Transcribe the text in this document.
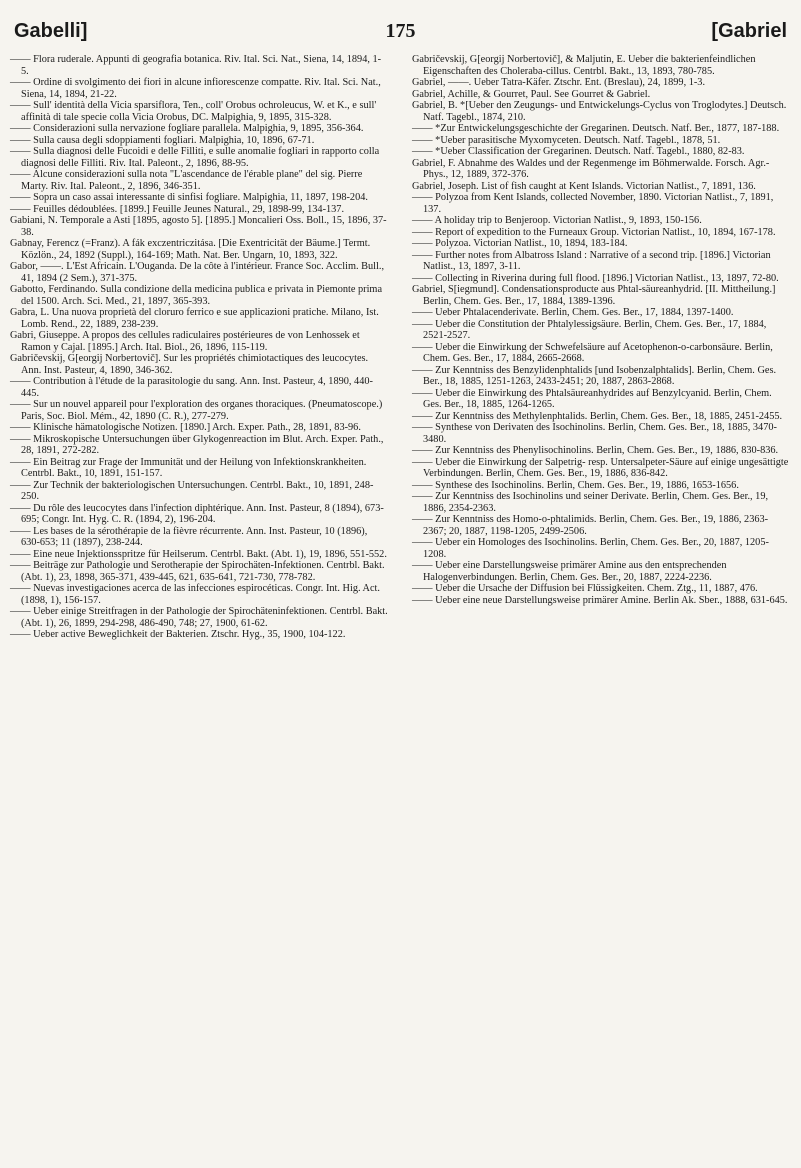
Gabelli]	175	[Gabriel

—— Flora ruderale. Appunti di geografia botanica. Riv. Ital. Sci. Nat., Siena, 14, 1894, 1-5.

—— Ordine di svolgimento dei fiori in alcune infiorescenze compatte. Riv. Ital. Sci. Nat., Siena, 14, 1894, 21-22.

—— Sull' identità della Vicia sparsiflora, Ten., coll' Orobus ochroleucus, W. et K., e sull' affinità di tale specie colla Vicia Orobus, DC. Malpighia, 9, 1895, 315-328.

—— Considerazioni sulla nervazione fogliare parallela. Malpighia, 9, 1895, 356-364.

—— Sulla causa degli sdoppiamenti fogliari. Malpighia, 10, 1896, 67-71.

—— Sulla diagnosi delle Fucoidi e delle Filliti, e sulle anomalie fogliari in rapporto colla diagnosi delle Filliti. Riv. Ital. Paleont., 2, 1896, 88-95.

—— Alcune considerazioni sulla nota "L'ascendance de l'érable plane" del sig. Pierre Marty. Riv. Ital. Paleont., 2, 1896, 346-351.

—— Sopra un caso assai interessante di sinfisi fogliare. Malpighia, 11, 1897, 198-204.

—— Feuilles dédoublées. [1899.] Feuille Jeunes Natural., 29, 1898-99, 134-137.

Gabiani, N. Temporale a Asti [1895, agosto 5]. [1895.] Moncalieri Oss. Boll., 15, 1896, 37-38.

Gabnay, Ferencz (=Franz). A fák exczentriczitása. [Die Exentricität der Bäume.] Termt. Közlön., 24, 1892 (Suppl.), 164-169; Math. Nat. Ber. Ungarn, 10, 1893, 322.

Gabor, ——. L'Est Africain. L'Ouganda. De la côte à l'intérieur. France Soc. Acclim. Bull., 41, 1894 (2 Sem.), 371-375.

Gabotto, Ferdinando. Sulla condizione della medicina publica e privata in Piemonte prima del 1500. Arch. Sci. Med., 21, 1897, 365-393.

Gabra, L. Una nuova proprietà del cloruro ferrico e sue applicazioni pratiche. Milano, Ist. Lomb. Rend., 22, 1889, 238-239.

Gabri, Giuseppe. A propos des cellules radiculaires postérieures de von Lenhossek et Ramon y Cajal. [1895.] Arch. Ital. Biol., 26, 1896, 115-119.

Gabričevskij, G[eorgij Norbertovič]. Sur les propriétés chimiotactiques des leucocytes. Ann. Inst. Pasteur, 4, 1890, 346-362.

—— Contribution à l'étude de la parasitologie du sang. Ann. Inst. Pasteur, 4, 1890, 440-445.

—— Sur un nouvel appareil pour l'exploration des organes thoraciques. (Pneumatoscope.) Paris, Soc. Biol. Mém., 42, 1890 (C. R.), 277-279.

—— Klinische hämatologische Notizen. [1890.] Arch. Exper. Path., 28, 1891, 83-96.

—— Mikroskopische Untersuchungen über Glykogenreaction im Blut. Arch. Exper. Path., 28, 1891, 272-282.

—— Ein Beitrag zur Frage der Immunität und der Heilung von Infektionskrankheiten. Centrbl. Bakt., 10, 1891, 151-157.

—— Zur Technik der bakteriologischen Untersuchungen. Centrbl. Bakt., 10, 1891, 248-250.

—— Du rôle des leucocytes dans l'infection diphtérique. Ann. Inst. Pasteur, 8 (1894), 673-695; Congr. Int. Hyg. C. R. (1894, 2), 196-204.

—— Les bases de la sérothérapie de la fièvre récurrente. Ann. Inst. Pasteur, 10 (1896), 630-653; 11 (1897), 238-244.

—— Eine neue Injektionsspritze für Heilserum. Centrbl. Bakt. (Abt. 1), 19, 1896, 551-552.

—— Beiträge zur Pathologie und Serotherapie der Spirochäten-Infektionen. Centrbl. Bakt. (Abt. 1), 23, 1898, 365-371, 439-445, 621, 635-641, 721-730, 778-782.

—— Nuevas investigaciones acerca de las infecciones espirocéticas. Congr. Int. Hig. Act. (1898, 1), 156-157.

—— Ueber einige Streitfragen in der Pathologie der Spirochäteninfektionen. Centrbl. Bakt. (Abt. 1), 26, 1899, 294-298, 486-490, 748; 27, 1900, 61-62.

—— Ueber active Beweglichkeit der Bakterien. Ztschr. Hyg., 35, 1900, 104-122.

Gabričevskij, G[eorgij Norbertovič], & Maljutin, E. Ueber die bakterienfeindlichen Eigenschaften des Choleraba-cillus. Centrbl. Bakt., 13, 1893, 780-785.

Gabriel, ——. Ueber Tatra-Käfer. Ztschr. Ent. (Breslau), 24, 1899, 1-3.

Gabriel, Achille, & Gourret, Paul. See Gourret & Gabriel.

Gabriel, B. *[Ueber den Zeugungs- und Entwickelungs-Cyclus von Troglodytes.] Deutsch. Natf. Tagebl., 1874, 210.

—— *Zur Entwickelungsgeschichte der Gregarinen. Deutsch. Natf. Ber., 1877, 187-188.

—— *Ueber parasitische Myxomyceten. Deutsch. Natf. Tagebl., 1878, 51.

—— *Ueber Classification der Gregarinen. Deutsch. Natf. Tagebl., 1880, 82-83.

Gabriel, F. Abnahme des Waldes und der Regenmenge im Böhmerwalde. Forsch. Agr.-Phys., 12, 1889, 372-376.

Gabriel, Joseph. List of fish caught at Kent Islands. Victorian Natlist., 7, 1891, 136.

—— Polyzoa from Kent Islands, collected November, 1890. Victorian Natlist., 7, 1891, 137.

—— A holiday trip to Benjeroop. Victorian Natlist., 9, 1893, 150-156.

—— Report of expedition to the Furneaux Group. Victorian Natlist., 10, 1894, 167-178.

—— Polyzoa. Victorian Natlist., 10, 1894, 183-184.

—— Further notes from Albatross Island : Narrative of a second trip. [1896.] Victorian Natlist., 13, 1897, 3-11.

—— Collecting in Riverina during full flood. [1896.] Victorian Natlist., 13, 1897, 72-80.

Gabriel, S[iegmund]. Condensationsproducte aus Phtal-säureanhydrid. [II. Mittheilung.] Berlin, Chem. Ges. Ber., 17, 1884, 1389-1396.

—— Ueber Phtalacenderivate. Berlin, Chem. Ges. Ber., 17, 1884, 1397-1400.

—— Ueber die Constitution der Phtalylessigsäure. Berlin, Chem. Ges. Ber., 17, 1884, 2521-2527.

—— Ueber die Einwirkung der Schwefelsäure auf Acetophenon-o-carbonsäure. Berlin, Chem. Ges. Ber., 17, 1884, 2665-2668.

—— Zur Kenntniss des Benzylidenphtalids [und Isobenzalphtalids]. Berlin, Chem. Ges. Ber., 18, 1885, 1251-1263, 2433-2451; 20, 1887, 2863-2868.

—— Ueber die Einwirkung des Phtalsäureanhydrides auf Benzylcyanid. Berlin, Chem. Ges. Ber., 18, 1885, 1264-1265.

—— Zur Kenntniss des Methylenphtalids. Berlin, Chem. Ges. Ber., 18, 1885, 2451-2455.

—— Synthese von Derivaten des Isochinolins. Berlin, Chem. Ges. Ber., 18, 1885, 3470-3480.

—— Zur Kenntniss des Phenylisochinolins. Berlin, Chem. Ges. Ber., 19, 1886, 830-836.

—— Ueber die Einwirkung der Salpetrig- resp. Untersalpeter-Säure auf einige ungesättigte Verbindungen. Berlin, Chem. Ges. Ber., 19, 1886, 836-842.

—— Synthese des Isochinolins. Berlin, Chem. Ges. Ber., 19, 1886, 1653-1656.

—— Zur Kenntniss des Isochinolins und seiner Derivate. Berlin, Chem. Ges. Ber., 19, 1886, 2354-2363.

—— Zur Kenntniss des Homo-o-phtalimids. Berlin, Chem. Ges. Ber., 19, 1886, 2363-2367; 20, 1887, 1198-1205, 2499-2506.

—— Ueber ein Homologes des Isochinolins. Berlin, Chem. Ges. Ber., 20, 1887, 1205-1208.

—— Ueber eine Darstellungsweise primärer Amine aus den entsprechenden Halogenverbindungen. Berlin, Chem. Ges. Ber., 20, 1887, 2224-2236.

—— Ueber die Ursache der Diffusion bei Flüssigkeiten. Chem. Ztg., 11, 1887, 476.

—— Ueber eine neue Darstellungsweise primärer Amine. Berlin Ak. Sber., 1888, 631-645.
